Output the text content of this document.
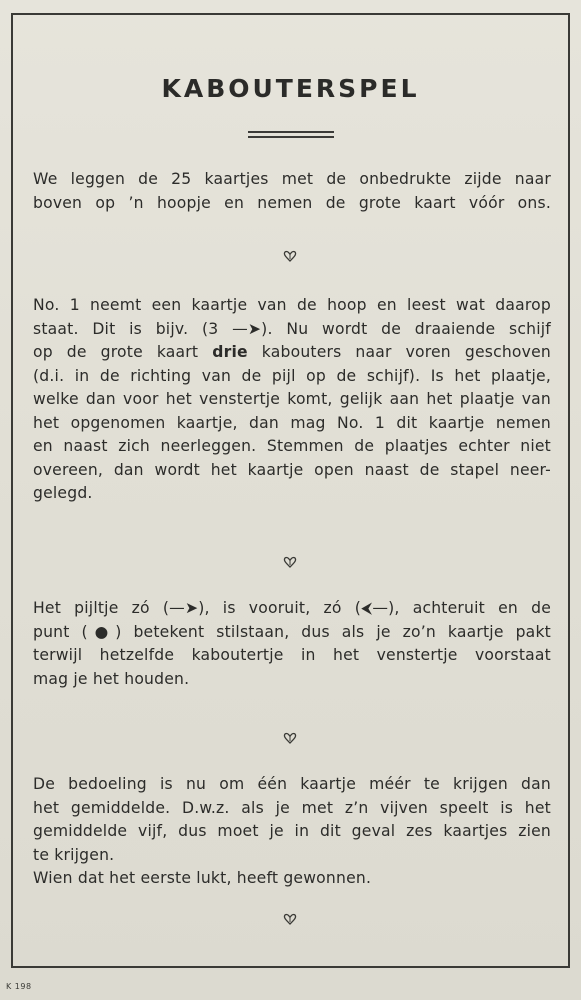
KABOUTERSPEL
We leggen de 25 kaartjes met de onbedrukte zijde naar
boven op ’n hoopje en nemen de grote kaart vóór ons.
No. 1 neemt een kaartje van de hoop en leest wat daarop
staat. Dit is bijv. (3 —➤). Nu wordt de draaiende schijf
op de grote kaart drie kabouters naar voren geschoven
(d.i. in de richting van de pijl op de schijf). Is het plaatje,
welke dan voor het venstertje komt, gelijk aan het plaatje van
het opgenomen kaartje, dan mag No. 1 dit kaartje nemen
en naast zich neerleggen. Stemmen de plaatjes echter niet
overeen, dan wordt het kaartje open naast de stapel neer-
gelegd.
Het pijltje zó (—➤), is vooruit, zó (⮜—), achteruit en de
punt (●) betekent stilstaan, dus als je zo’n kaartje pakt
terwijl hetzelfde kaboutertje in het venstertje voorstaat
mag je het houden.
De bedoeling is nu om één kaartje méér te krijgen dan
het gemiddelde. D.w.z. als je met z’n vijven speelt is het
gemiddelde vijf, dus moet je in dit geval zes kaartjes zien
te krijgen.
Wien dat het eerste lukt, heeft gewonnen.
K 198
